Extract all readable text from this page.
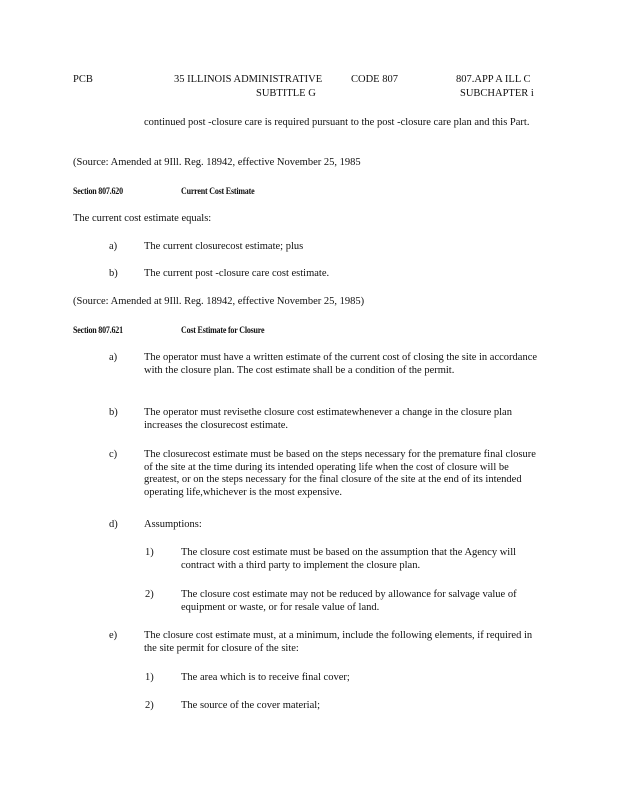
PCB	35 ILLINOIS ADMINISTRATIVE
SUBTITLE G
CODE 807	807.APP A ILL C
SUBCHAPTER i
continued post -closure care is required pursuant to the post -closure care plan and this Part.
(Source: Amended at 9Ill. Reg. 18942, effective November 25, 1985
Section 807.620	Current Cost Estimate
The current cost estimate equals:
a)	The current closurecost estimate; plus
b)	The current post -closure care cost estimate.
(Source: Amended at 9Ill. Reg. 18942, effective November 25, 1985)
Section 807.621	Cost Estimate for Closure
a)	The operator must have a written estimate of the current cost of closing the site in accordance with the closure plan. The cost estimate shall be a condition of the permit.
b)	The operator must revisethe closure cost estimatewhenever a change in the closure plan increases the closurecost estimate.
c)	The closurecost estimate must be based on the steps necessary for the premature final closure of the site at the time during its intended operating life when the cost of closure will be greatest, or on the steps necessary for the final closure of the site at the end of its intended operating life,whichever is the most expensive.
d)	Assumptions:
1)	The closure cost estimate must be based on the assumption that the Agency will contract with a third party to implement the closure plan.
2)	The closure cost estimate may not be reduced by allowance for salvage value of equipment or waste, or for resale value of land.
e)	The closure cost estimate must, at a minimum, include the following elements, if required in the site permit for closure of the site:
1)	The area which is to receive final cover;
2)	The source of the cover material;
